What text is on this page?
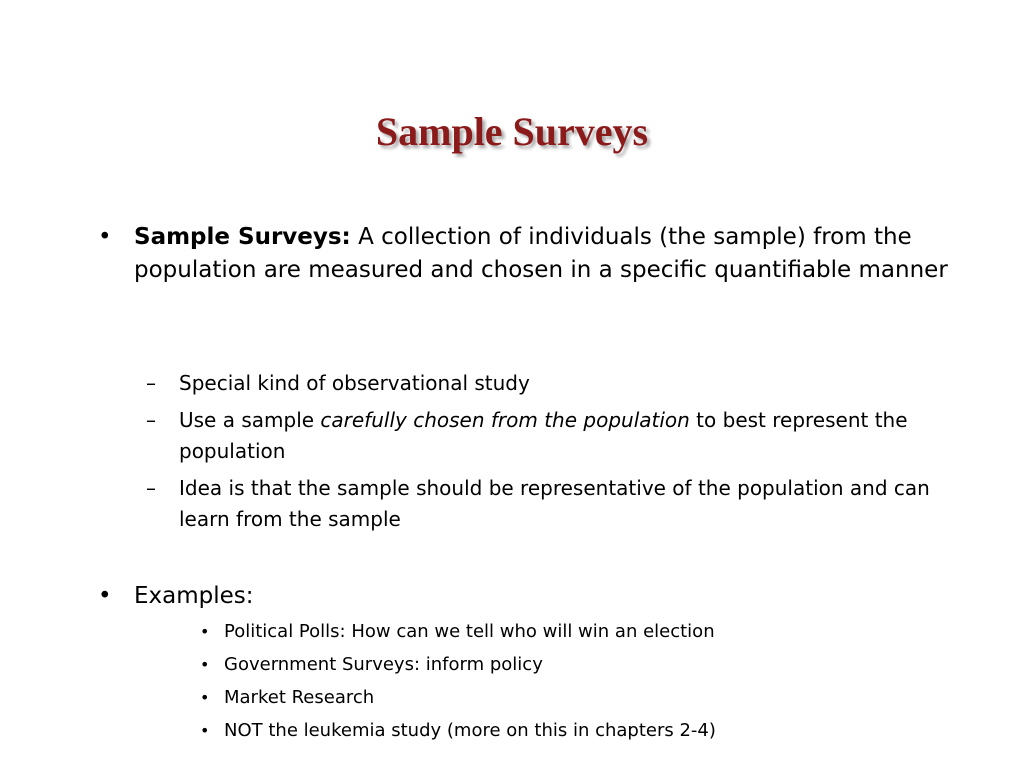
Sample Surveys
• Sample Surveys: A collection of individuals (the sample) from the population are measured and chosen in a specific quantifiable manner
– Special kind of observational study
– Use a sample carefully chosen from the population to best represent the population
– Idea is that the sample should be representative of the population and can learn from the sample
• Examples:
• Political Polls: How can we tell who will win an election
• Government Surveys: inform policy
• Market Research
• NOT the leukemia study (more on this in chapters 2-4)
